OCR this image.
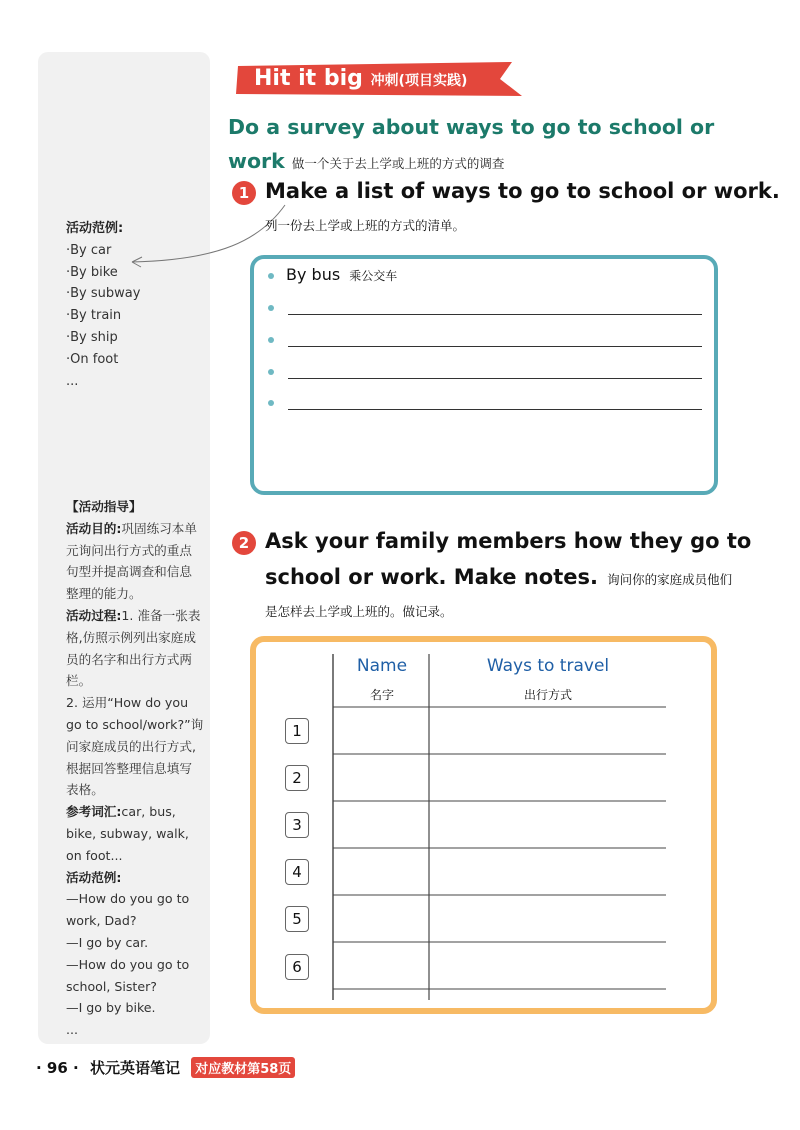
活动范例:
·By car
·By bike
·By subway
·By train
·By ship
·On foot
...
【活动指导】
活动目的:巩固练习本单元询问出行方式的重点句型并提高调查和信息整理的能力。
活动过程:1. 准备一张表格,仿照示例列出家庭成员的名字和出行方式两栏。
2. 运用“How do you go to school/work?”询问家庭成员的出行方式,根据回答整理信息填写表格。
参考词汇:car, bus, bike, subway, walk, on foot...
活动范例:
—How do you go to work, Dad?
—I go by car.
—How do you go to school, Sister?
—I go by bike.
...
Hit it big 冲刺(项目实践)
Do a survey about ways to go to school or work 做一个关于去上学或上班的方式的调查
1 Make a list of ways to go to school or work.
列一份去上学或上班的方式的清单。
By bus 乘公交车
2 Ask your family members how they go to
school or work. Make notes. 询问你的家庭成员他们
是怎样去上学或上班的。做记录。
Name
名字
Ways to travel
出行方式
1
2
3
4
5
6
· 96 · 状元英语笔记 对应教材第58页
